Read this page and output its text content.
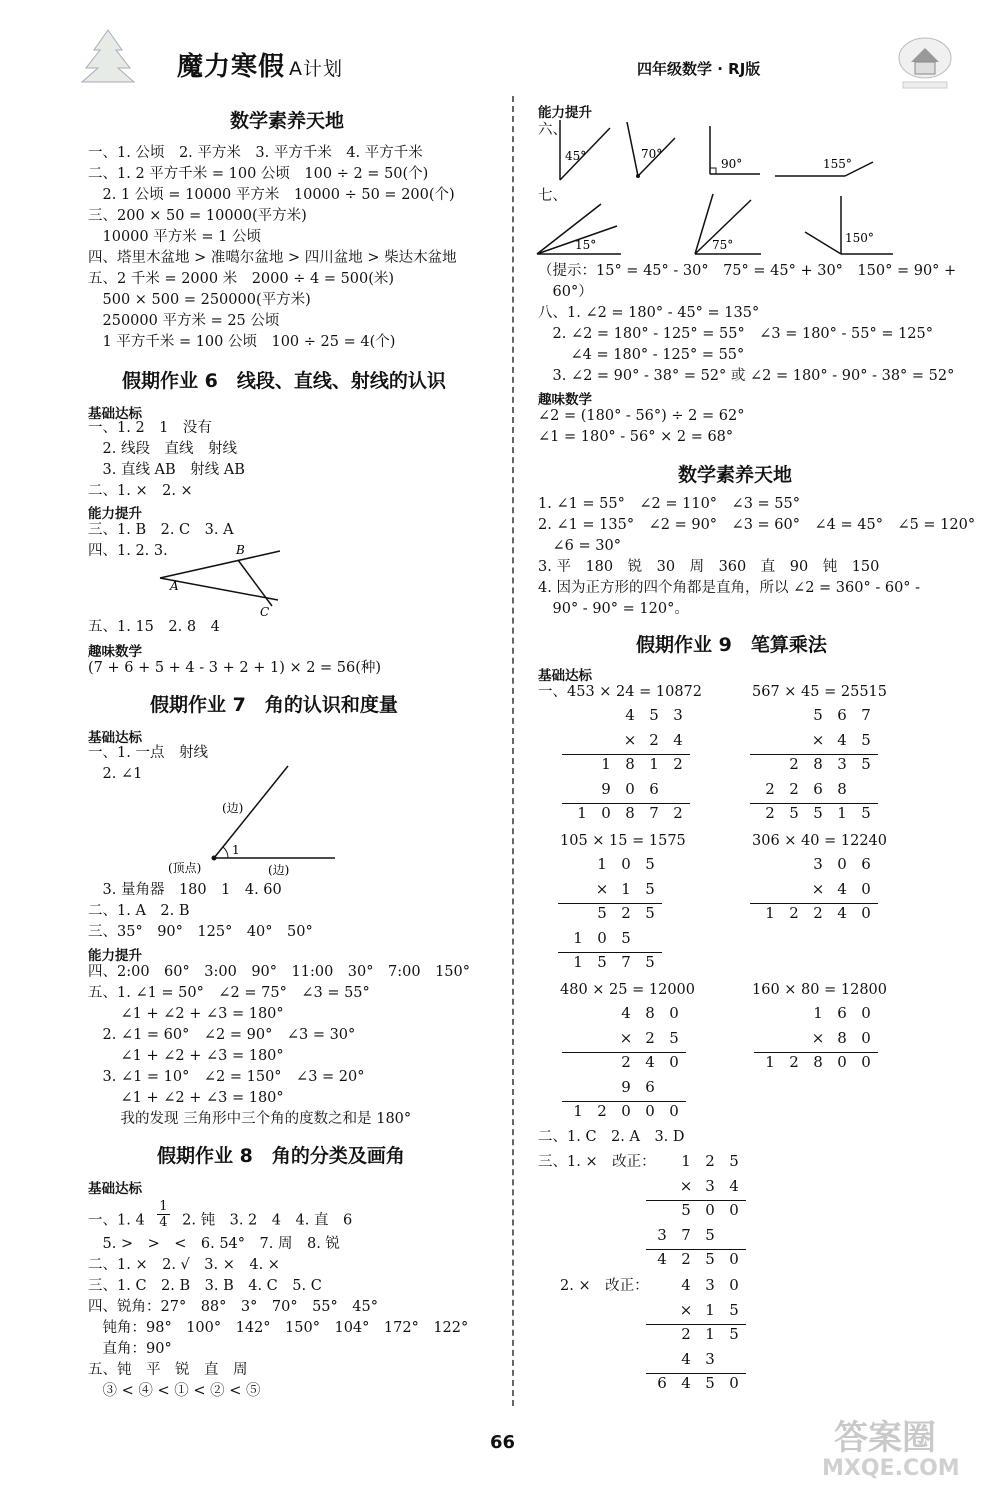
魔力寒假 A计划	四年级数学 · RJ版
数学素养天地
一、1. 公顷　2. 平方米　3. 平方千米　4. 平方千米
二、1. 2 平方千米 = 100 公顷　100 ÷ 2 = 50(个)
　2. 1 公顷 = 10000 平方米　10000 ÷ 50 = 200(个)
三、200 × 50 = 10000(平方米)
　10000 平方米 = 1 公顷
四、塔里木盆地 > 准噶尔盆地 > 四川盆地 > 柴达木盆地
五、2 千米 = 2000 米　2000 ÷ 4 = 500(米)
　500 × 500 = 250000(平方米)
　250000 平方米 = 25 公顷
　1 平方千米 = 100 公顷　100 ÷ 25 = 4(个)
假期作业 6　线段、直线、射线的认识
基础达标
一、1. 2　1　没有
　2. 线段　直线　射线
　3. 直线 AB　射线 AB
二、1. ×　2. ×
能力提升
三、1. B　2. C　3. A
四、1. 2. 3.
A
B
C
五、1. 15　2. 8　4
趣味数学
(7 + 6 + 5 + 4 - 3 + 2 + 1) × 2 = 56(种)
假期作业 7　角的认识和度量
基础达标
一、1. 一点　射线
　2. ∠1
1
(边)
(顶点)	(边)
　3. 量角器　180　1　4. 60
二、1. A　2. B
三、35°　90°　125°　40°　50°
能力提升
四、2:00　60°　3:00　90°　11:00　30°　7:00　150°
五、1. ∠1 = 50°　∠2 = 75°　∠3 = 55°
　∠1 + ∠2 + ∠3 = 180°
　2. ∠1 = 60°　∠2 = 90°　∠3 = 30°
　∠1 + ∠2 + ∠3 = 180°
　3. ∠1 = 10°　∠2 = 150°　∠3 = 20°
　∠1 + ∠2 + ∠3 = 180°
　我的发现 三角形中三个角的度数之和是 180°
假期作业 8　角的分类及画角
基础达标
一、1. $4 \frac{1}{4} 2$. 钝　3. 2　4　4. 直　6
　5. >　>　<　6. 54°　7. 周　8. 锐
二、1. ×　2. √　3. ×　4. ×
三、1. C　2. B　3. B　4. C　5. C
四、锐角：27°　88°　3°　70°　55°　45°
　钝角：98°　100°　142°　150°　104°　172°　122°
　直角：90°
五、钝　平　锐　直　周
　③ < ④ < ① < ② < ⑤
能力提升
六、
45°	70°
90°	155°
七、
15°	75°	150°
（提示：15° = 45° - 30°　75° = 45° + 30°　150° = 90° +
　60°）
八、1. ∠2 = 180° - 45° = 135°
　2. ∠2 = 180° - 125° = 55°　∠3 = 180° - 55° = 125°
　∠4 = 180° - 125° = 55°
　3. ∠2 = 90° - 38° = 52° 或 ∠2 = 180° - 90° - 38° = 52°
趣味数学
∠2 = (180° - 56°) ÷ 2 = 62°
∠1 = 180° - 56° × 2 = 68°
数学素养天地
1. ∠1 = 55°　∠2 = 110°　∠3 = 55°
2. ∠1 = 135°　∠2 = 90°　∠3 = 60°　∠4 = 45°　∠5 = 120°
　∠6 = 30°
3. 平　180　锐　30　周　360　直　90　钝　150
4. 因为正方形的四个角都是直角，所以 ∠2 = 360° - 60° -
　90° - 90° = 120°。
假期作业 9　笔算乘法
基础达标
一、453 × 24 = 10872	567 × 45 = 25515
105 × 15 = 1575	306 × 40 = 12240
480 × 25 = 12000	160 × 80 = 12800
4 5 3
× 2 4
1 8 1 2
9 0 6
1 0 8 7 2
5 6 7
× 4 5
2 8 3 5
2 2 6 8
2 5 5 1 5
1 0 5
× 1 5
5 2 5
1 0 5
1 5 7 5
3 0 6
× 4 0
1 2 2 4 0
4 8 0
× 2 5
2 4 0
9 6
1 2 0 0 0
1 6 0
× 8 0
1 2 8 0 0
二、1. C　2. A　3. D
三、1. ×　改正：	1 2 5
× 3 4
5 0 0
3 7 5
4 2 5 0
2. ×　改正：	4 3 0
× 1 5
2 1 5
4 3
6 4 5 0
66	答案圈
MXQE.COM
